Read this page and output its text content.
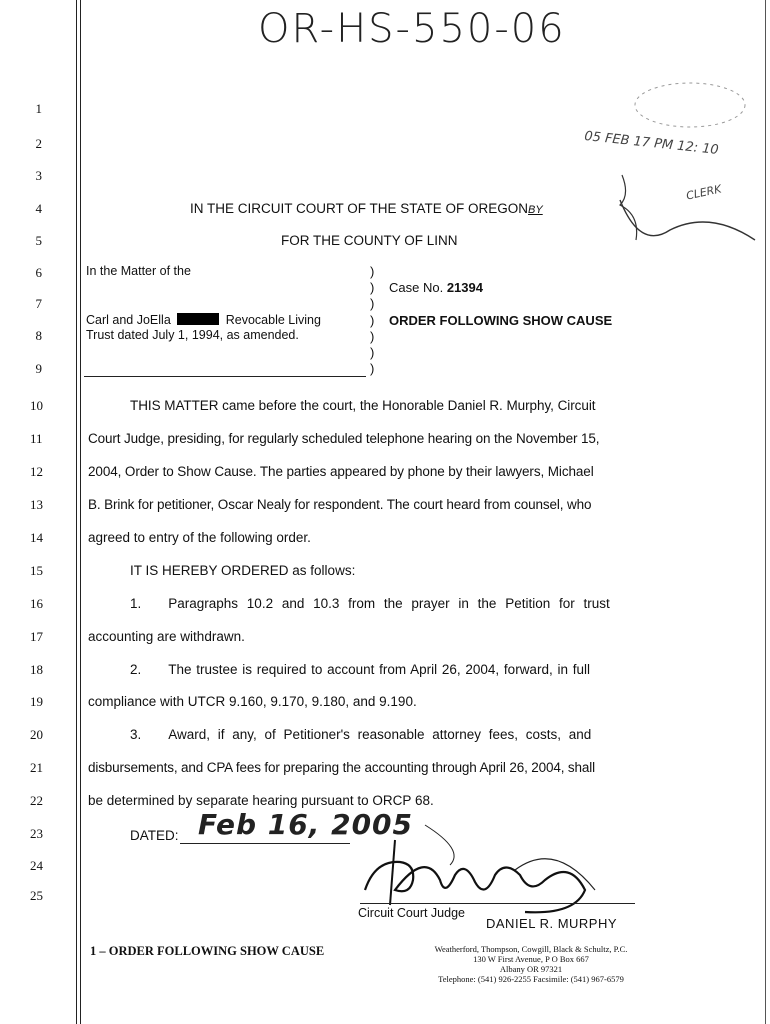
OR-HS-550-06
05 FEB 17 PM 12: 10
CLERK
1
2
3
4
5
6
7
8
9
10
11
12
13
14
15
16
17
18
19
20
21
22
23
24
25
IN THE CIRCUIT COURT OF THE STATE OF OREGONBY
FOR THE COUNTY OF LINN
In the Matter of the
Carl and JoElla	Revocable Living
Trust dated July 1, 1994, as amended.
)
)
)
)
)
)
)
Case No. 21394
ORDER FOLLOWING SHOW CAUSE
THIS MATTER came before the court, the Honorable Daniel R. Murphy, Circuit
Court Judge, presiding, for regularly scheduled telephone hearing on the November 15,
2004, Order to Show Cause. The parties appeared by phone by their lawyers, Michael
B. Brink for petitioner, Oscar Nealy for respondent. The court heard from counsel, who
agreed to entry of the following order.
IT IS HEREBY ORDERED as follows:
1.  Paragraphs 10.2 and 10.3 from the prayer in the Petition for trust
accounting are withdrawn.
2.  The trustee is required to account from April 26, 2004, forward, in full
compliance with UTCR 9.160, 9.170, 9.180, and 9.190.
3.  Award, if any, of Petitioner's reasonable attorney fees, costs, and
disbursements, and CPA fees for preparing the accounting through April 26, 2004, shall
be determined by separate hearing pursuant to ORCP 68.
DATED: Feb 16, 2005
Circuit Court Judge
DANIEL R. MURPHY
1 – ORDER FOLLOWING SHOW CAUSE	Weatherford, Thompson, Cowgill, Black & Schultz, P.C.
130 W First Avenue, P O Box 667
Albany OR 97321
Telephone: (541) 926-2255 Facsimile: (541) 967-6579
